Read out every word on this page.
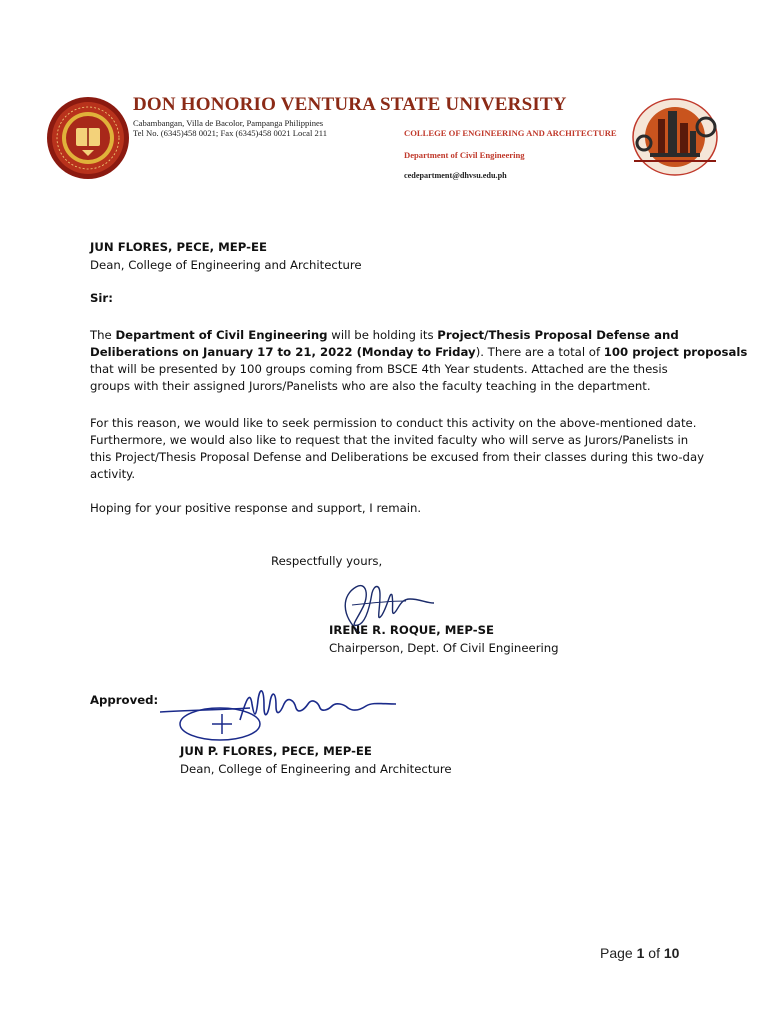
DON HONORIO VENTURA STATE UNIVERSITY
Cabambangan, Villa de Bacolor, Pampanga Philippines
Tel No. (6345)458 0021; Fax (6345)458 0021 Local 211	COLLEGE OF ENGINEERING AND ARCHITECTURE
Department of Civil Engineering
cedepartment@dhvsu.edu.ph
JUN FLORES, PECE, MEP-EE
Dean, College of Engineering and Architecture
Sir:
The Department of Civil Engineering will be holding its Project/Thesis Proposal Defense and
Deliberations on January 17 to 21, 2022 (Monday to Friday). There are a total of 100 project proposals
that will be presented by 100 groups coming from BSCE 4th Year students. Attached are the thesis
groups with their assigned Jurors/Panelists who are also the faculty teaching in the department.
For this reason, we would like to seek permission to conduct this activity on the above-mentioned date.
Furthermore, we would also like to request that the invited faculty who will serve as Jurors/Panelists in
this Project/Thesis Proposal Defense and Deliberations be excused from their classes during this two-day
activity.
Hoping for your positive response and support, I remain.
Respectfully yours,
IRENE R. ROQUE, MEP-SE
Chairperson, Dept. Of Civil Engineering
Approved:
JUN P. FLORES, PECE, MEP-EE
Dean, College of Engineering and Architecture
Page 1 of 10
